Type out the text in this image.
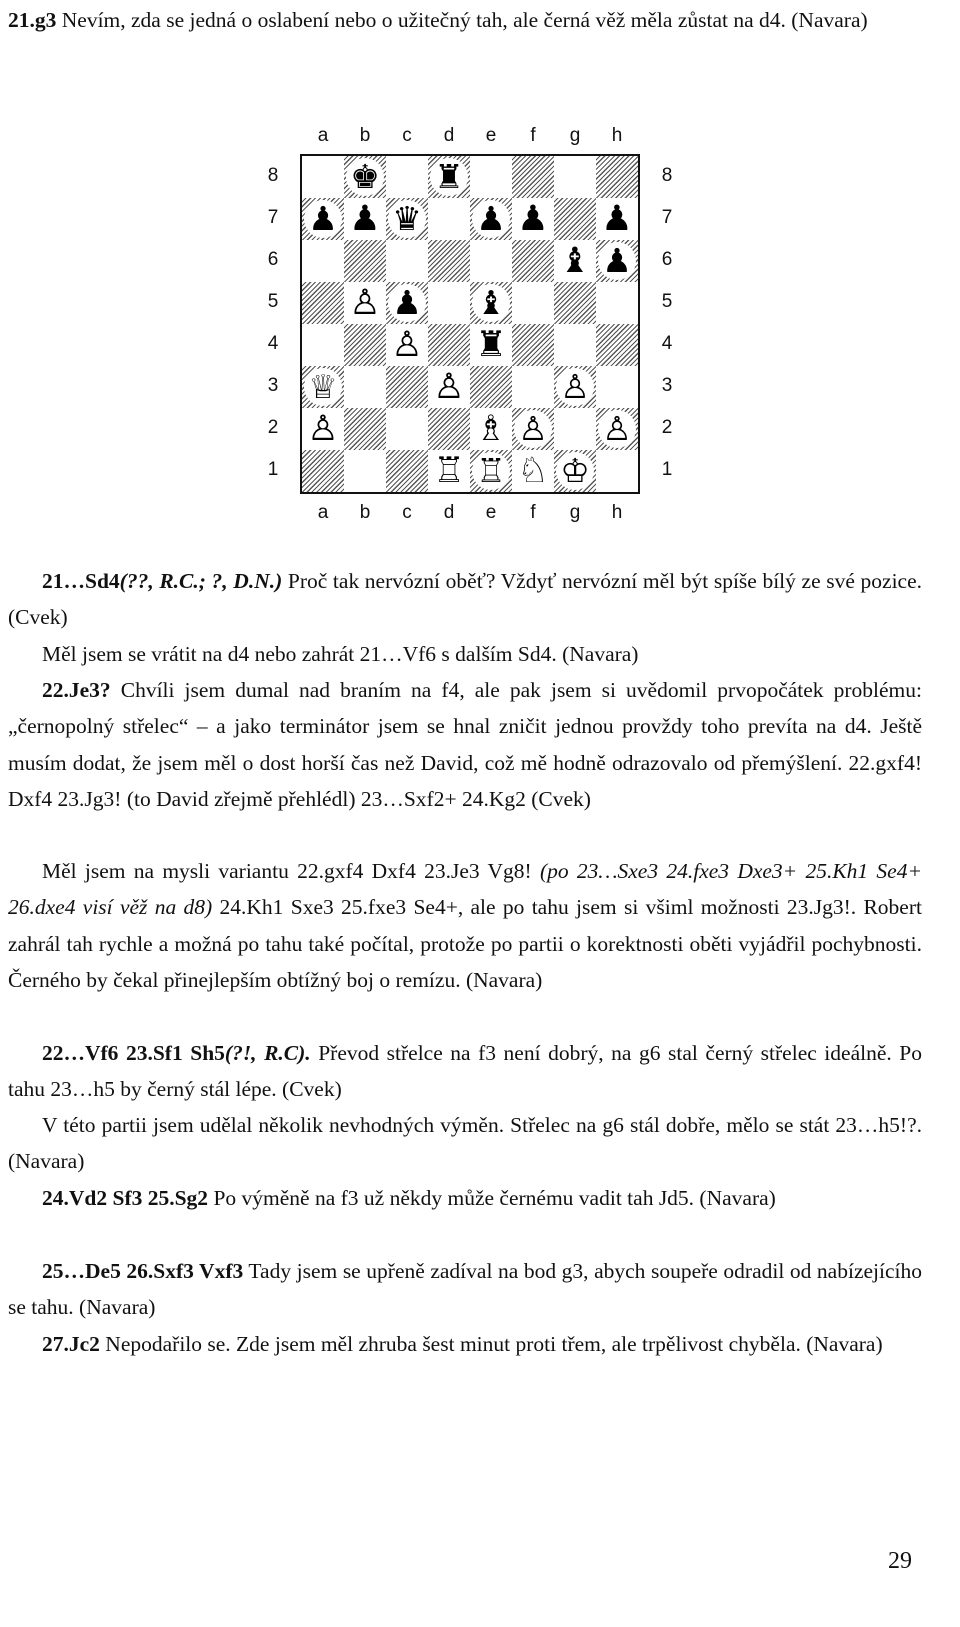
21.g3 Nevím, zda se jedná o oslabení nebo o užitečný tah, ale černá věž měla zůstat na d4. (Navara)
a
a
b
b
c
c
d
d
e
e
f
f
g
g
h
h
8	8
7	7
6	6
5	5
4	4
3	3
2	2
1	1
♚ ♜
♟ ♟ ♛ ♟ ♟ ♟
♝ ♟
♙ ♟ ♝
♙ ♜
♕	♙	♙
♙	♗ ♙ ♙
♖ ♖ ♘ ♔
21…Sd4(??, R.C.; ?, D.N.) Proč tak nervózní oběť? Vždyť nervózní měl být spíše bílý ze své pozice. (Cvek)
Měl jsem se vrátit na d4 nebo zahrát 21…Vf6 s dalším Sd4. (Navara)
22.Je3? Chvíli jsem dumal nad braním na f4, ale pak jsem si uvědomil prvopočátek problému: „černopolný střelec“ – a jako terminátor jsem se hnal zničit jednou provždy toho prevíta na d4. Ještě musím dodat, že jsem měl o dost horší čas než David, což mě hodně odrazovalo od přemýšlení. 22.gxf4! Dxf4 23.Jg3! (to David zřejmě přehlédl) 23…Sxf2+ 24.Kg2 (Cvek)
Měl jsem na mysli variantu 22.gxf4 Dxf4 23.Je3 Vg8! (po 23…Sxe3 24.fxe3 Dxe3+ 25.Kh1 Se4+ 26.dxe4 visí věž na d8) 24.Kh1 Sxe3 25.fxe3 Se4+, ale po tahu jsem si všiml možnosti 23.Jg3!. Robert zahrál tah rychle a možná po tahu také počítal, protože po partii o korektnosti oběti vyjádřil pochybnosti. Černého by čekal přinejlepším obtížný boj o remízu. (Navara)
22…Vf6 23.Sf1 Sh5(?!, R.C). Převod střelce na f3 není dobrý, na g6 stal černý střelec ideálně. Po tahu 23…h5 by černý stál lépe. (Cvek)
V této partii jsem udělal několik nevhodných výměn. Střelec na g6 stál dobře, mělo se stát 23…h5!?. (Navara)
24.Vd2 Sf3 25.Sg2 Po výměně na f3 už někdy může černému vadit tah Jd5. (Navara)
25…De5 26.Sxf3 Vxf3 Tady jsem se upřeně zadíval na bod g3, abych soupeře odradil od nabízejícího se tahu. (Navara)
27.Jc2 Nepodařilo se. Zde jsem měl zhruba šest minut proti třem, ale trpělivost chyběla. (Navara)
29
